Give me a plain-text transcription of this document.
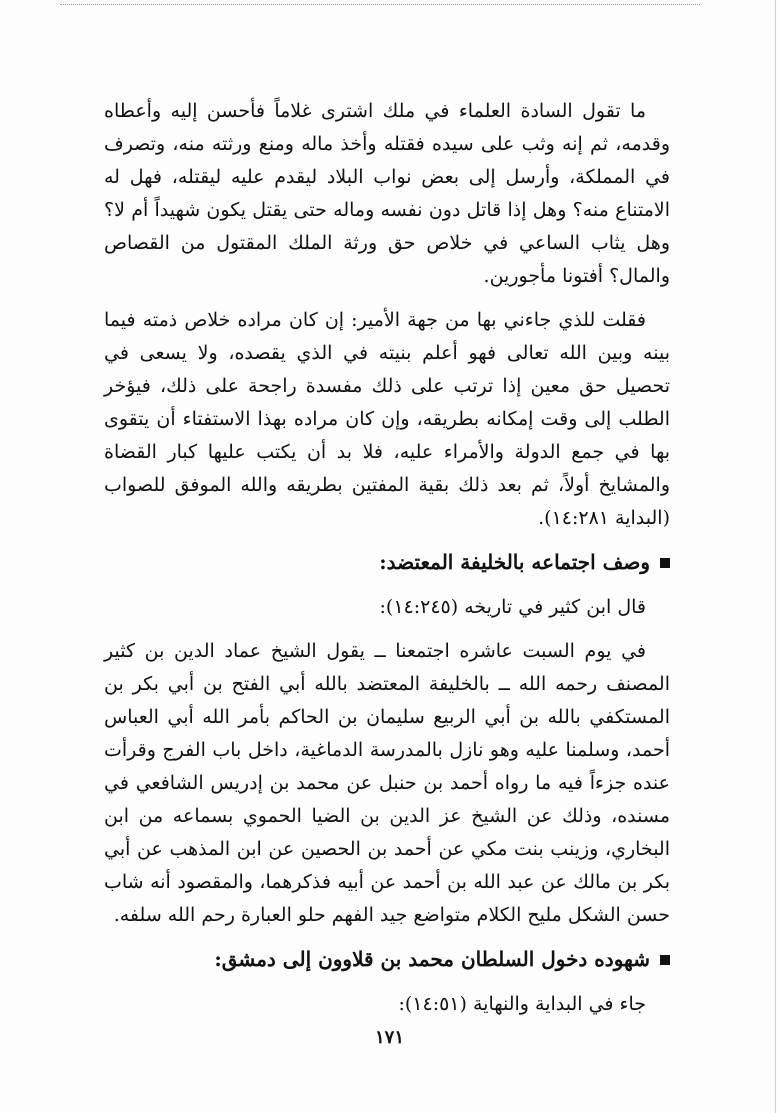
ما تقول السادة العلماء في ملك اشترى غلاماً فأحسن إليه وأعطاه وقدمه، ثم إنه وثب على سيده فقتله وأخذ ماله ومنع ورثته منه، وتصرف في المملكة، وأرسل إلى بعض نواب البلاد ليقدم عليه ليقتله، فهل له الامتناع منه؟ وهل إذا قاتل دون نفسه وماله حتى يقتل يكون شهيداً أم لا؟ وهل يثاب الساعي في خلاص حق ورثة الملك المقتول من القصاص والمال؟ أفتونا مأجورين.

فقلت للذي جاءني بها من جهة الأمير: إن كان مراده خلاص ذمته فيما بينه وبين الله تعالى فهو أعلم بنيته في الذي يقصده، ولا يسعى في تحصيل حق معين إذا ترتب على ذلك مفسدة راجحة على ذلك، فيؤخر الطلب إلى وقت إمكانه بطريقه، وإن كان مراده بهذا الاستفتاء أن يتقوى بها في جمع الدولة والأمراء عليه، فلا بد أن يكتب عليها كبار القضاة والمشايخ أولاً، ثم بعد ذلك بقية المفتين بطريقه والله الموفق للصواب (البداية ١٤:٢٨١).

وصف اجتماعه بالخليفة المعتضد:

قال ابن كثير في تاريخه (١٤:٢٤٥):

في يوم السبت عاشره اجتمعنا ــ يقول الشيخ عماد الدين بن كثير المصنف رحمه الله ــ بالخليفة المعتضد بالله أبي الفتح بن أبي بكر بن المستكفي بالله بن أبي الربيع سليمان بن الحاكم بأمر الله أبي العباس أحمد، وسلمنا عليه وهو نازل بالمدرسة الدماغية، داخل باب الفرج وقرأت عنده جزءاً فيه ما رواه أحمد بن حنبل عن محمد بن إدريس الشافعي في مسنده، وذلك عن الشيخ عز الدين بن الضيا الحموي بسماعه من ابن البخاري، وزينب بنت مكي عن أحمد بن الحصين عن ابن المذهب عن أبي بكر بن مالك عن عبد الله بن أحمد عن أبيه فذكرهما، والمقصود أنه شاب حسن الشكل مليح الكلام متواضع جيد الفهم حلو العبارة رحم الله سلفه.

شهوده دخول السلطان محمد بن قلاوون إلى دمشق:

جاء في البداية والنهاية (١٤:٥١):

١٧١
